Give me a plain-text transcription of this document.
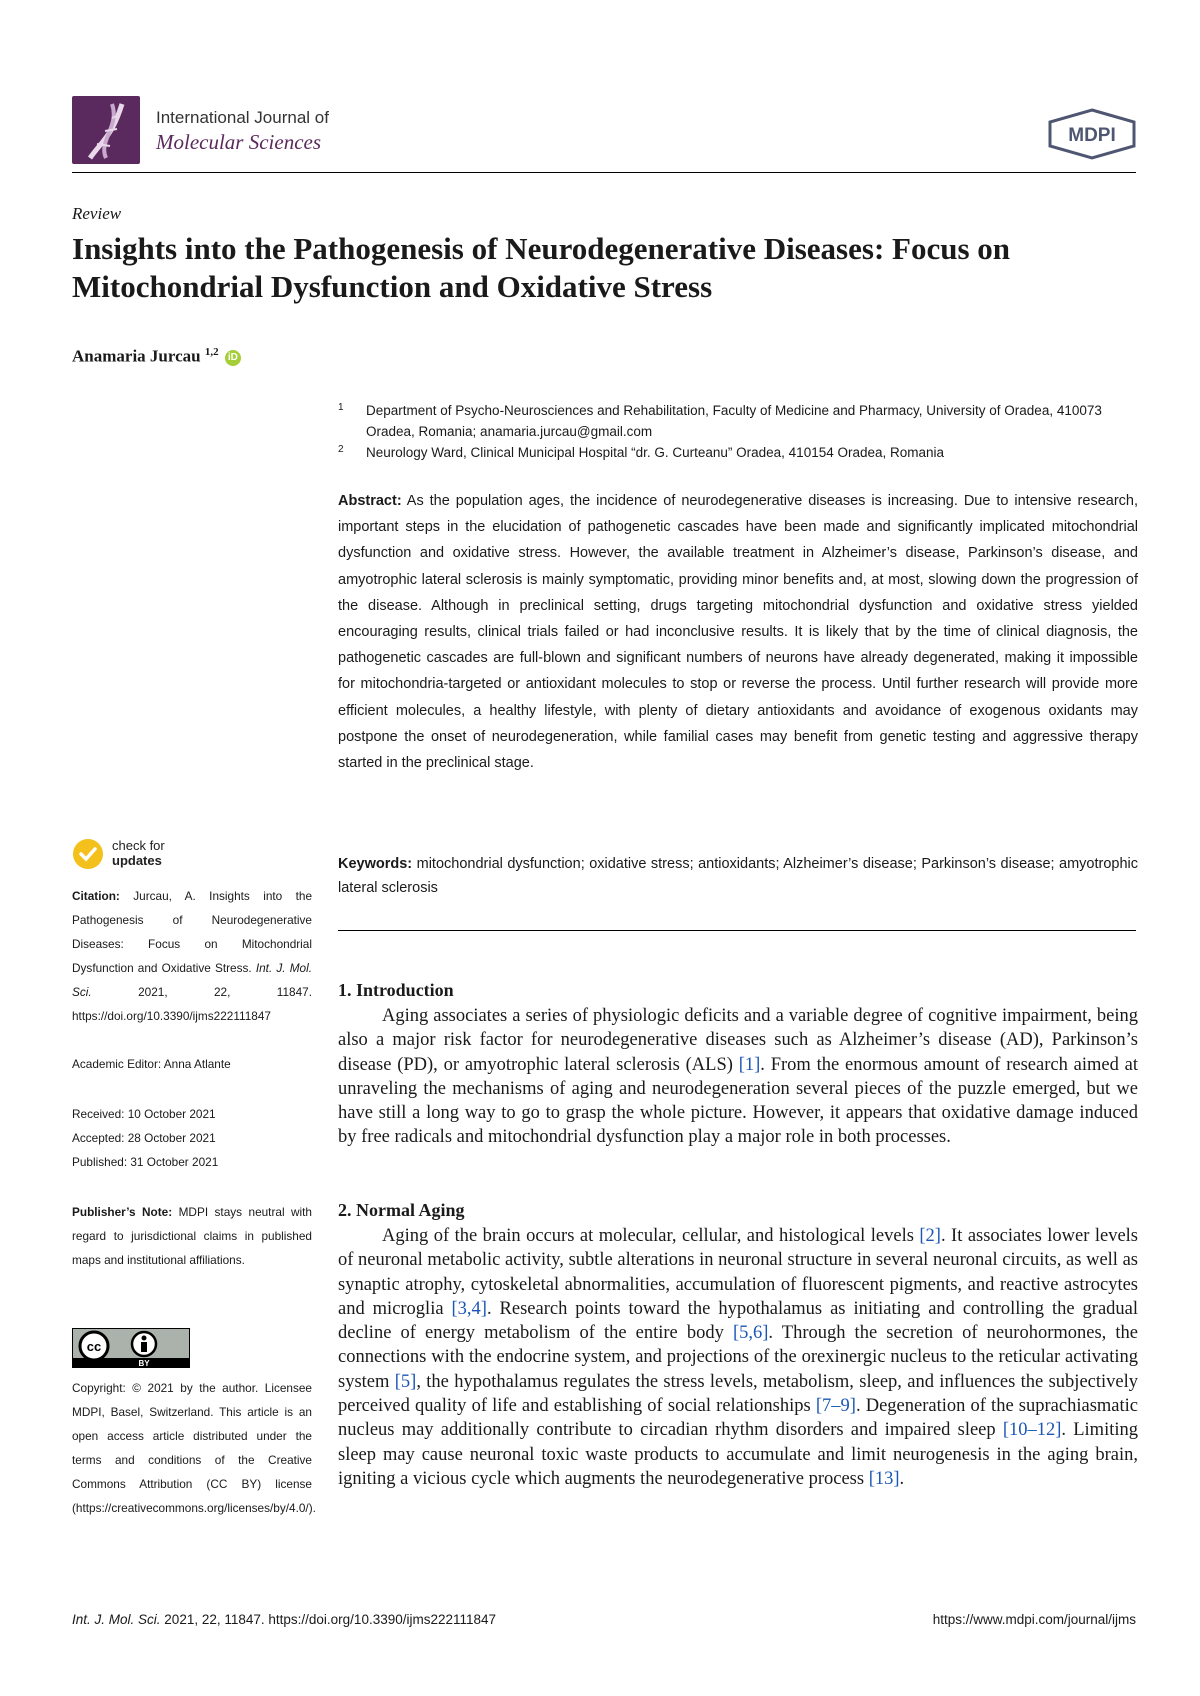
International Journal of
Molecular Sciences	MDPI
Review
Insights into the Pathogenesis of Neurodegenerative Diseases: Focus on Mitochondrial Dysfunction and Oxidative Stress
Anamaria Jurcau $^{1,2}$ iD
1 Department of Psycho-Neurosciences and Rehabilitation, Faculty of Medicine and Pharmacy, University of Oradea, 410073 Oradea, Romania; anamaria.jurcau@gmail.com
2 Neurology Ward, Clinical Municipal Hospital “dr. G. Curteanu” Oradea, 410154 Oradea, Romania

Abstract: As the population ages, the incidence of neurodegenerative diseases is increasing. Due to intensive research, important steps in the elucidation of pathogenetic cascades have been made and significantly implicated mitochondrial dysfunction and oxidative stress. However, the available treatment in Alzheimer’s disease, Parkinson’s disease, and amyotrophic lateral sclerosis is mainly symptomatic, providing minor benefits and, at most, slowing down the progression of the disease. Although in preclinical setting, drugs targeting mitochondrial dysfunction and oxidative stress yielded encouraging results, clinical trials failed or had inconclusive results. It is likely that by the time of clinical diagnosis, the pathogenetic cascades are full-blown and significant numbers of neurons have already degenerated, making it impossible for mitochondria-targeted or antioxidant molecules to stop or reverse the process. Until further research will provide more efficient molecules, a healthy lifestyle, with plenty of dietary antioxidants and avoidance of exogenous oxidants may postpone the onset of neurodegeneration, while familial cases may benefit from genetic testing and aggressive therapy started in the preclinical stage.

Keywords: mitochondrial dysfunction; oxidative stress; antioxidants; Alzheimer’s disease; Parkinson’s disease; amyotrophic lateral sclerosis
check for
updates
Citation: Jurcau, A. Insights into the Pathogenesis of Neurodegenerative Diseases: Focus on Mitochondrial Dysfunction and Oxidative Stress. Int. J. Mol. Sci.	2021, 22, 11847. https://doi.org/10.3390/ijms222111847
Academic Editor: Anna Atlante
Received: 10 October 2021
Accepted: 28 October 2021
Published: 31 October 2021
Publisher’s Note: MDPI stays neutral with regard to jurisdictional claims in published maps and institutional affiliations.
cc
BY
Copyright: © 2021 by the author. Licensee MDPI, Basel, Switzerland. This article is an open access article distributed under the terms and conditions of the Creative Commons Attribution (CC BY) license (https://creativecommons.org/licenses/by/4.0/).
1. Introduction

Aging associates a series of physiologic deficits and a variable degree of cognitive impairment, being also a major risk factor for neurodegenerative diseases such as Alzheimer’s disease (AD), Parkinson’s disease (PD), or amyotrophic lateral sclerosis (ALS) [1]. From the enormous amount of research aimed at unraveling the mechanisms of aging and neurodegeneration several pieces of the puzzle emerged, but we have still a long way to go to grasp the whole picture. However, it appears that oxidative damage induced by free radicals and mitochondrial dysfunction play a major role in both processes.

2. Normal Aging

Aging of the brain occurs at molecular, cellular, and histological levels [2]. It associates lower levels of neuronal metabolic activity, subtle alterations in neuronal structure in several neuronal circuits, as well as synaptic atrophy, cytoskeletal abnormalities, accumulation of fluorescent pigments, and reactive astrocytes and microglia [3,4]. Research points toward the hypothalamus as initiating and controlling the gradual decline of energy metabolism of the entire body [5,6]. Through the secretion of neurohormones, the connections with the endocrine system, and projections of the orexinergic nucleus to the reticular activating system [5], the hypothalamus regulates the stress levels, metabolism, sleep, and influences the subjectively perceived quality of life and establishing of social relationships [7–9]. Degeneration of the suprachiasmatic nucleus may additionally contribute to circadian rhythm disorders and impaired sleep [10–12]. Limiting sleep may cause neuronal toxic waste products to accumulate and limit neurogenesis in the aging brain, igniting a vicious cycle which augments the neurodegenerative process [13].

Int. J. Mol. Sci. 2021, 22, 11847. https://doi.org/10.3390/ijms222111847	https://www.mdpi.com/journal/ijms
